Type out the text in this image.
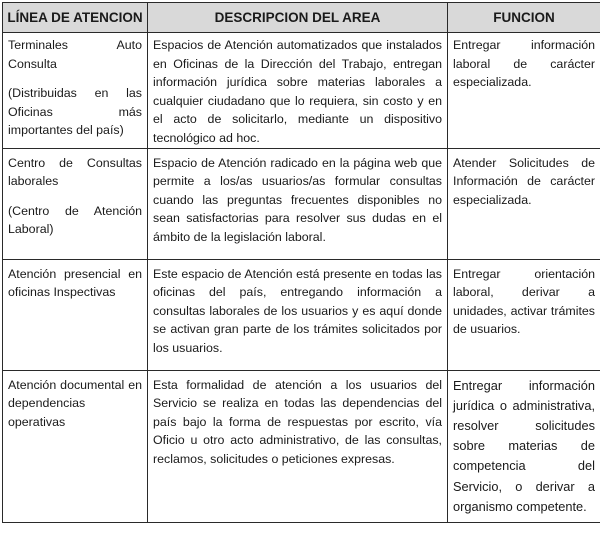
LÍNEA DE ATENCION	DESCRIPCION DEL AREA	FUNCION

Terminales Auto Consulta
(Distribuidas en las Oficinas más importantes del país)	Espacios de Atención automatizados que instalados en Oficinas de la Dirección del Trabajo, entregan información jurídica sobre materias laborales a cualquier ciudadano que lo requiera, sin costo y en el acto de solicitarlo, mediante un dispositivo tecnológico ad hoc.	Entregar información laboral de carácter especializada.

Centro de Consultas laborales
(Centro de Atención Laboral)	Espacio de Atención radicado en la página web que permite a los/as usuarios/as formular consultas cuando las preguntas frecuentes disponibles no sean satisfactorias para resolver sus dudas en el ámbito de la legislación laboral.	Atender Solicitudes de Información de carácter especializada.

Atención presencial en oficinas Inspectivas	Este espacio de Atención está presente en todas las oficinas del país, entregando información a consultas laborales de los usuarios y es aquí donde se activan gran parte de los trámites solicitados por los usuarios.	Entregar orientación laboral, derivar a unidades, activar trámites de usuarios.

Atención documental en dependencias operativas	Esta formalidad de atención a los usuarios del Servicio se realiza en todas las dependencias del país bajo la forma de respuestas por escrito, vía Oficio u otro acto administrativo, de las consultas, reclamos, solicitudes o peticiones expresas.	Entregar información jurídica o administrativa, resolver solicitudes sobre materias de competencia del Servicio, o derivar a organismo competente.
